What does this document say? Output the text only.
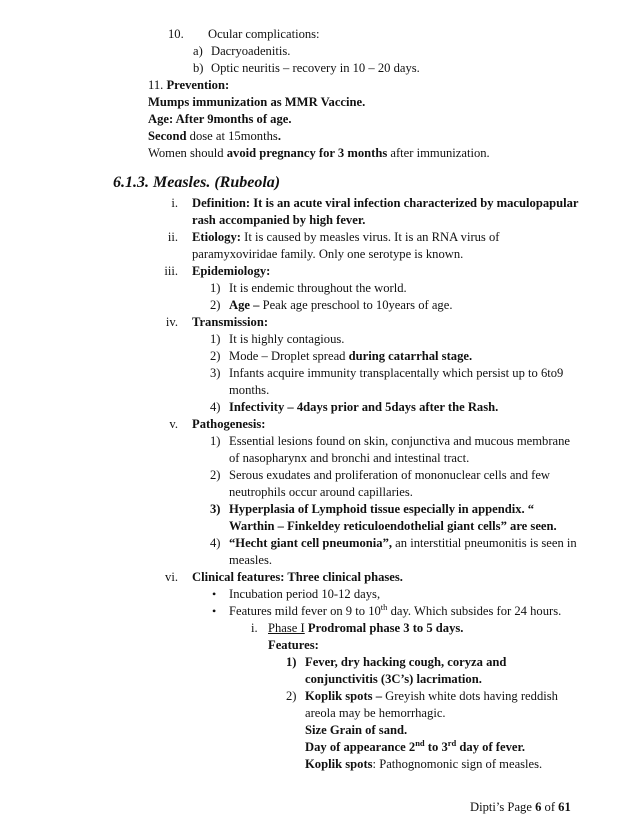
10. Ocular complications:
a) Dacryoadenitis.
b) Optic neuritis – recovery in 10 – 20 days.
11. Prevention:
Mumps immunization as MMR Vaccine.
Age: After 9months of age.
Second dose at 15months.
Women should avoid pregnancy for 3 months after immunization.
6.1.3. Measles. (Rubeola)
i. Definition: It is an acute viral infection characterized by maculopapular
rash accompanied by high fever.
ii. Etiology: It is caused by measles virus. It is an RNA virus of
paramyxoviridae family. Only one serotype is known.
iii. Epidemiology:
1) It is endemic throughout the world.
2) Age – Peak age preschool to 10years of age.
iv. Transmission:
1) It is highly contagious.
2) Mode – Droplet spread during catarrhal stage.
3) Infants acquire immunity transplacentally which persist up to 6to9
months.
4) Infectivity – 4days prior and 5days after the Rash.
v. Pathogenesis:
1) Essential lesions found on skin, conjunctiva and mucous membrane
of nasopharynx and bronchi and intestinal tract.
2) Serous exudates and proliferation of mononuclear cells and few
neutrophils occur around capillaries.
3) Hyperplasia of Lymphoid tissue especially in appendix. “
Warthin – Finkeldey reticuloendothelial giant cells” are seen.
4) “Hecht giant cell pneumonia”, an interstitial pneumonitis is seen in
measles.
vi. Clinical features: Three clinical phases.
• Incubation period 10-12 days,
• Features mild fever on 9 to 10th day. Which subsides for 24 hours.
i. Phase I Prodromal phase 3 to 5 days.
Features:
1) Fever, dry hacking cough, coryza and
conjunctivitis (3C’s) lacrimation.
2) Koplik spots – Greyish white dots having reddish
areola may be hemorrhagic.
Size Grain of sand.
Day of appearance 2nd to 3rd day of fever.
Koplik spots: Pathognomonic sign of measles.
Dipti’s Page 6 of 61
